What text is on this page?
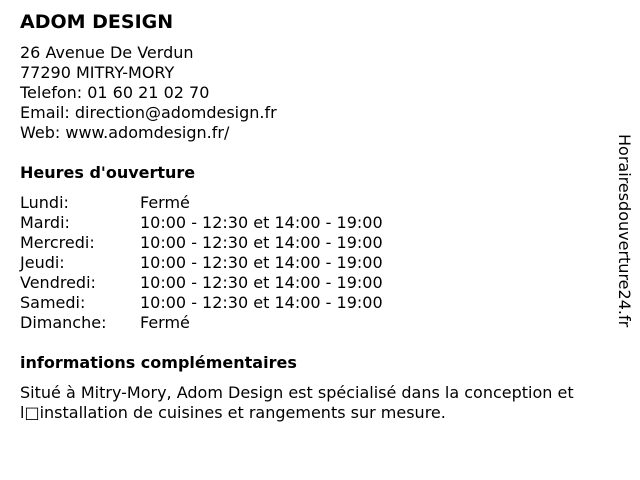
ADOM DESIGN
26 Avenue De Verdun
77290 MITRY-MORY
Telefon: 01 60 21 02 70
Email: direction@adomdesign.fr
Web: www.adomdesign.fr/
Heures d'ouverture
Lundi:	Fermé
Mardi:	10:00 - 12:30 et 14:00 - 19:00
Mercredi:	10:00 - 12:30 et 14:00 - 19:00
Jeudi:	10:00 - 12:30 et 14:00 - 19:00
Vendredi:	10:00 - 12:30 et 14:00 - 19:00
Samedi:	10:00 - 12:30 et 14:00 - 19:00
Dimanche:	Fermé
informations complémentaires
Situé à Mitry-Mory, Adom Design est spécialisé dans la conception et l□installation de cuisines et rangements sur mesure.
Horairesdouverture24.fr
